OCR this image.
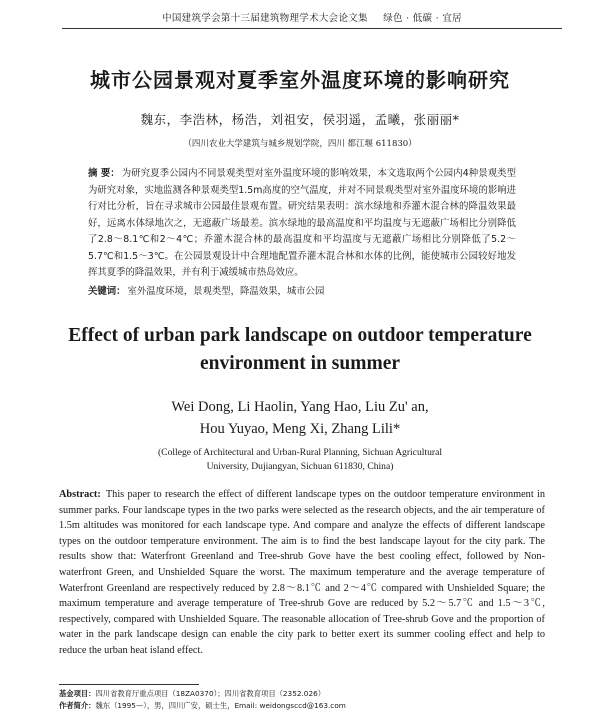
中国建筑学会第十三届建筑物理学术大会论文集 绿色 · 低碳 · 宜居
城市公园景观对夏季室外温度环境的影响研究
魏东，李浩林，杨浩，刘祖安，侯羽遥，孟曦，张丽丽*
（四川农业大学建筑与城乡规划学院，四川 都江堰 611830）
摘 要： 为研究夏季公园内不同景观类型对室外温度环境的影响效果，本文选取两个公园内4种景观类型为研究对象，实地监测各种景观类型1.5m高度的空气温度，并对不同景观类型对室外温度环境的影响进行对比分析，旨在寻求城市公园最佳景观布置。研究结果表明：滨水绿地和乔灌木混合林的降温效果最好，远离水体绿地次之，无遮蔽广场最差。滨水绿地的最高温度和平均温度与无遮蔽广场相比分别降低了2.8～8.1℃和2～4℃；乔灌木混合林的最高温度和平均温度与无遮蔽广场相比分别降低了5.2～5.7℃和1.5～3℃。在公园景观设计中合理地配置乔灌木混合林和水体的比例，能使城市公园较好地发挥其夏季的降温效果，并有利于减缓城市热岛效应。
关键词： 室外温度环境，景观类型，降温效果，城市公园
Effect of urban park landscape on outdoor temperature environment in summer
Wei Dong, Li Haolin, Yang Hao, Liu Zu' an,
Hou Yuyao, Meng Xi, Zhang Lili*
(College of Architectural and Urban-Rural Planning, Sichuan Agricultural
University, Dujiangyan, Sichuan 611830, China)
Abstract: This paper to research the effect of different landscape types on the outdoor temperature environment in summer parks. Four landscape types in the two parks were selected as the research objects, and the air temperature of 1.5m altitudes was monitored for each landscape type. And compare and analyze the effects of different landscape types on the outdoor temperature environment. The aim is to find the best landscape layout for the city park. The results show that: Waterfront Greenland and Tree-shrub Gove have the best cooling effect, followed by Non-waterfront Green, and Unshielded Square the worst. The maximum temperature and the average temperature of Waterfront Greenland are respectively reduced by 2.8～8.1℃ and 2～4℃ compared with Unshielded Square; the maximum temperature and average temperature of Tree-shrub Gove are reduced by 5.2～5.7℃ and 1.5～3℃, respectively, compared with Unshielded Square. The reasonable allocation of Tree-shrub Gove and the proportion of water in the park landscape design can enable the city park to better exert its summer cooling effect and help to reduce the urban heat island effect.
基金项目：四川省教育厅重点项目（18ZA0370）；四川省教育项目（2352.026）
作者简介：魏东（1995—），男，四川广安，硕士生，Email: weidongsccd@163.com
